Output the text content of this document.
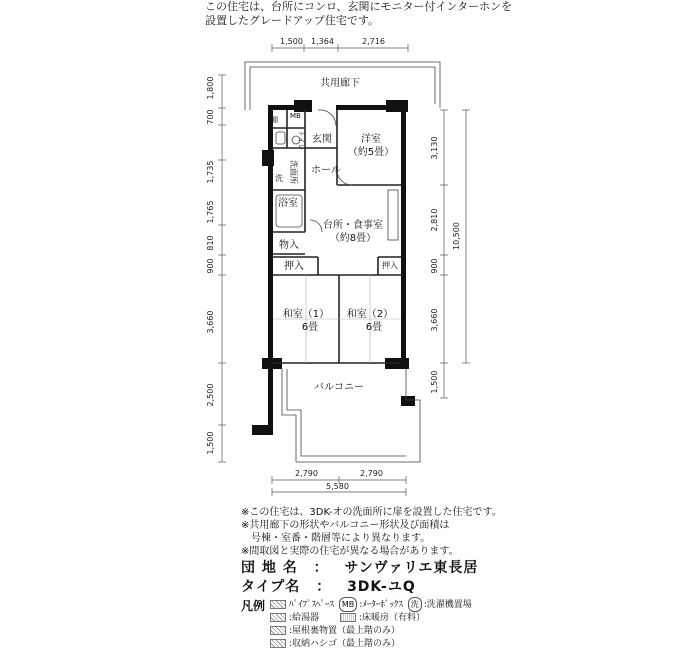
この住宅は、台所にコンロ、玄関にモニター付インターホンを
設置したグレードアップ住宅です。
1,500 1,364	2,716
1,800
700
1,735
1,765
810
900
3,660
2,500
1,500
3,130
2,810
900
3,660
1,500
10,500
2,790	2,790
5,580
共用廊下
棚 MB
トイレ 玄関
洗 洗面所 ホール
洋室
（約5畳）
浴室
台所・食事室
（約8畳）
物入
押入	押入
和室（1）
6畳
和室（2）
6畳
バルコニー
※この住宅は、3DK-オの洗面所に扉を設置した住宅です。
※共用廊下の形状やバルコニー形状及び面積は
　号棟・室番・階層等により異なります。
※間取図と実際の住宅が異なる場合があります。
団 地 名 ： サンヴァリエ東長居
タイプ名 ： 3DK-ユQ
凡例	ﾊﾟｲﾌﾟｽﾍﾟｰｽ MB :ﾒｰﾀｰﾎﾞｯｸｽ 洗 :洗濯機置場
:給湯器	:床暖房（有料）
:屋根裏物置（最上階のみ）
:収納ハシゴ（最上階のみ）
